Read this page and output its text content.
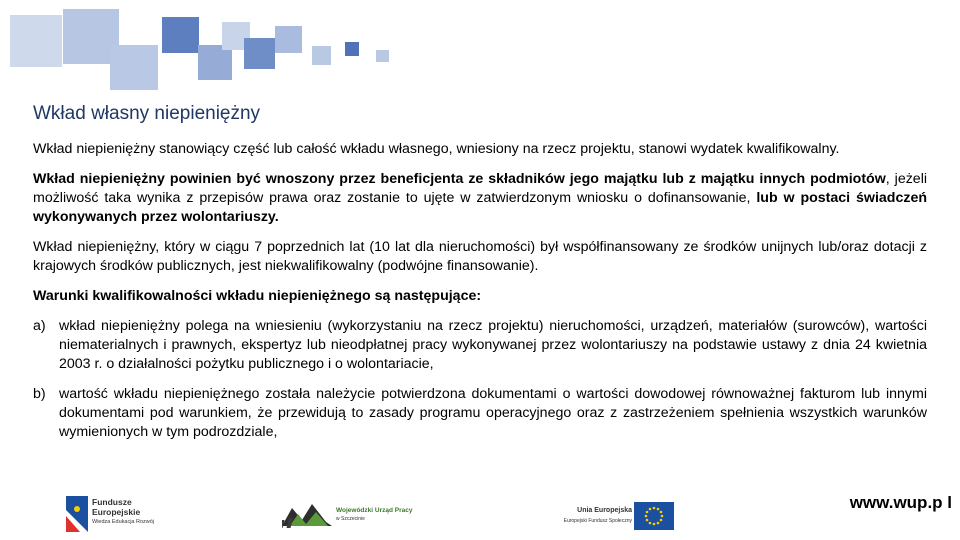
Wkład własny niepieniężny

Wkład niepieniężny stanowiący część lub całość wkładu własnego, wniesiony na rzecz projektu, stanowi wydatek kwalifikowalny.

Wkład niepieniężny powinien być wnoszony przez beneficjenta ze składników jego majątku lub z majątku innych podmiotów, jeżeli możliwość taka wynika z przepisów prawa oraz zostanie to ujęte w zatwierdzonym wniosku o dofinansowanie, lub w postaci świadczeń wykonywanych przez wolontariuszy.

Wkład niepieniężny, który w ciągu 7 poprzednich lat (10 lat dla nieruchomości) był współfinansowany ze środków unijnych lub/oraz dotacji z krajowych środków publicznych, jest niekwalifikowalny (podwójne finansowanie).

Warunki kwalifikowalności wkładu niepieniężnego są następujące:

a) wkład niepieniężny polega na wniesieniu (wykorzystaniu na rzecz projektu) nieruchomości, urządzeń, materiałów (surowców), wartości niematerialnych i prawnych, ekspertyz lub nieodpłatnej pracy wykonywanej przez wolontariuszy na podstawie ustawy z dnia 24 kwietnia 2003 r. o działalności pożytku publicznego i o wolontariacie,
b) wartość wkładu niepieniężnego została należycie potwierdzona dokumentami o wartości dowodowej równoważnej fakturom lub innymi dokumentami pod warunkiem, że przewidują to zasady programu operacyjnego oraz z zastrzeżeniem spełnienia wszystkich warunków wymienionych w tym podrozdziale,
Fundusze
Europejskie
Wiedza Edukacja Rozwój
Wojewódzki Urząd Pracy
w Szczecinie
Unia Europejska
Europejski Fundusz Społeczny
www.wup.p l
